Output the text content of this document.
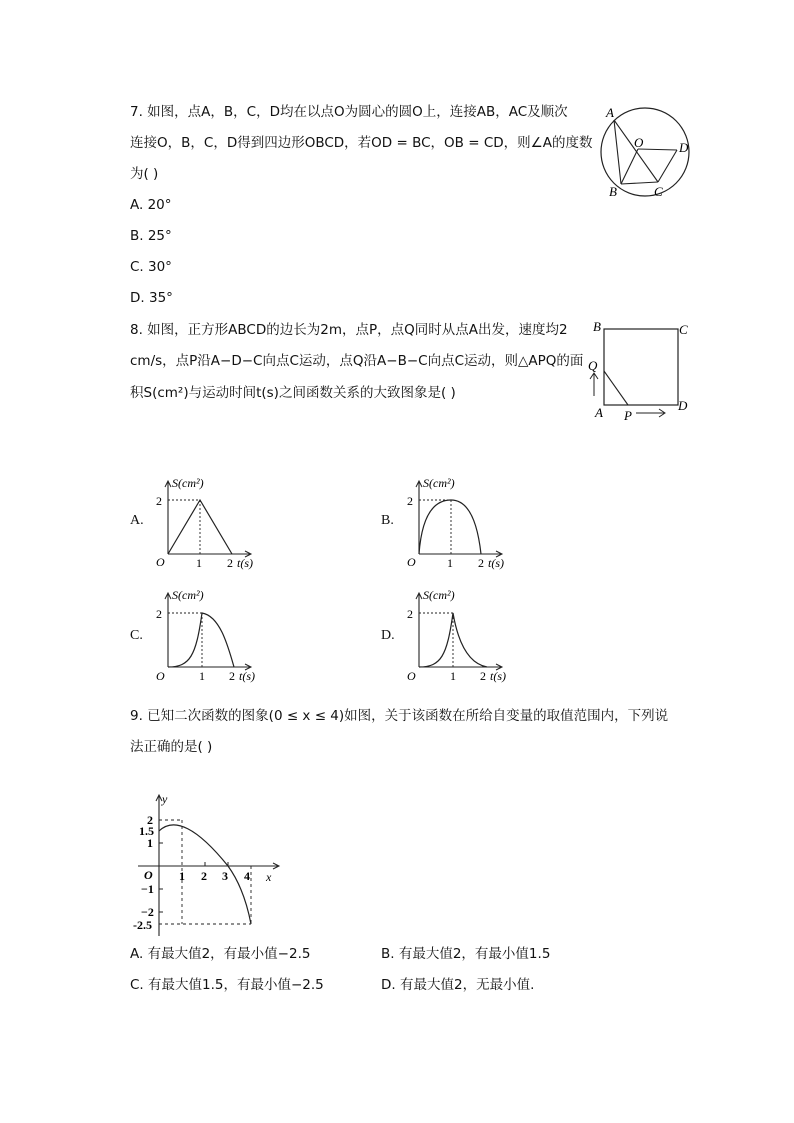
7. 如图，点A，B，C，D均在以点O为圆心的圆O上，连接AB，AC及顺次
连接O，B，C，D得到四边形OBCD，若OD = BC，OB = CD，则∠A的度数
为( )
A. 20°
B. 25°
C. 30°
D. 35°
A
O	D
B	C
8. 如图，正方形ABCD的边长为2m，点P，点Q同时从点A出发，速度均2
cm/s，点P沿A−D−C向点C运动，点Q沿A−B−C向点C运动，则△APQ的面
积S(cm²)与运动时间t(s)之间函数关系的大致图象是( )
B	C
Q
A P
D
A.
S(cm²)
2
O	1 2 t(s)
B.
S(cm²)
2
O	1 2 t(s)
C.
S(cm²)
2
O	1 2 t(s)
D.
S(cm²)
2
O	1 2 t(s)
9. 已知二次函数的图象(0 ≤ x ≤ 4)如图，关于该函数在所给自变量的取值范围内，下列说
法正确的是( )
y
x
O
2
1.5
1
−1
−2
-2.5
1 2 3 4
A. 有最大值2，有最小值−2.5	B. 有最大值2，有最小值1.5
C. 有最大值1.5，有最小值−2.5	D. 有最大值2，无最小值.
